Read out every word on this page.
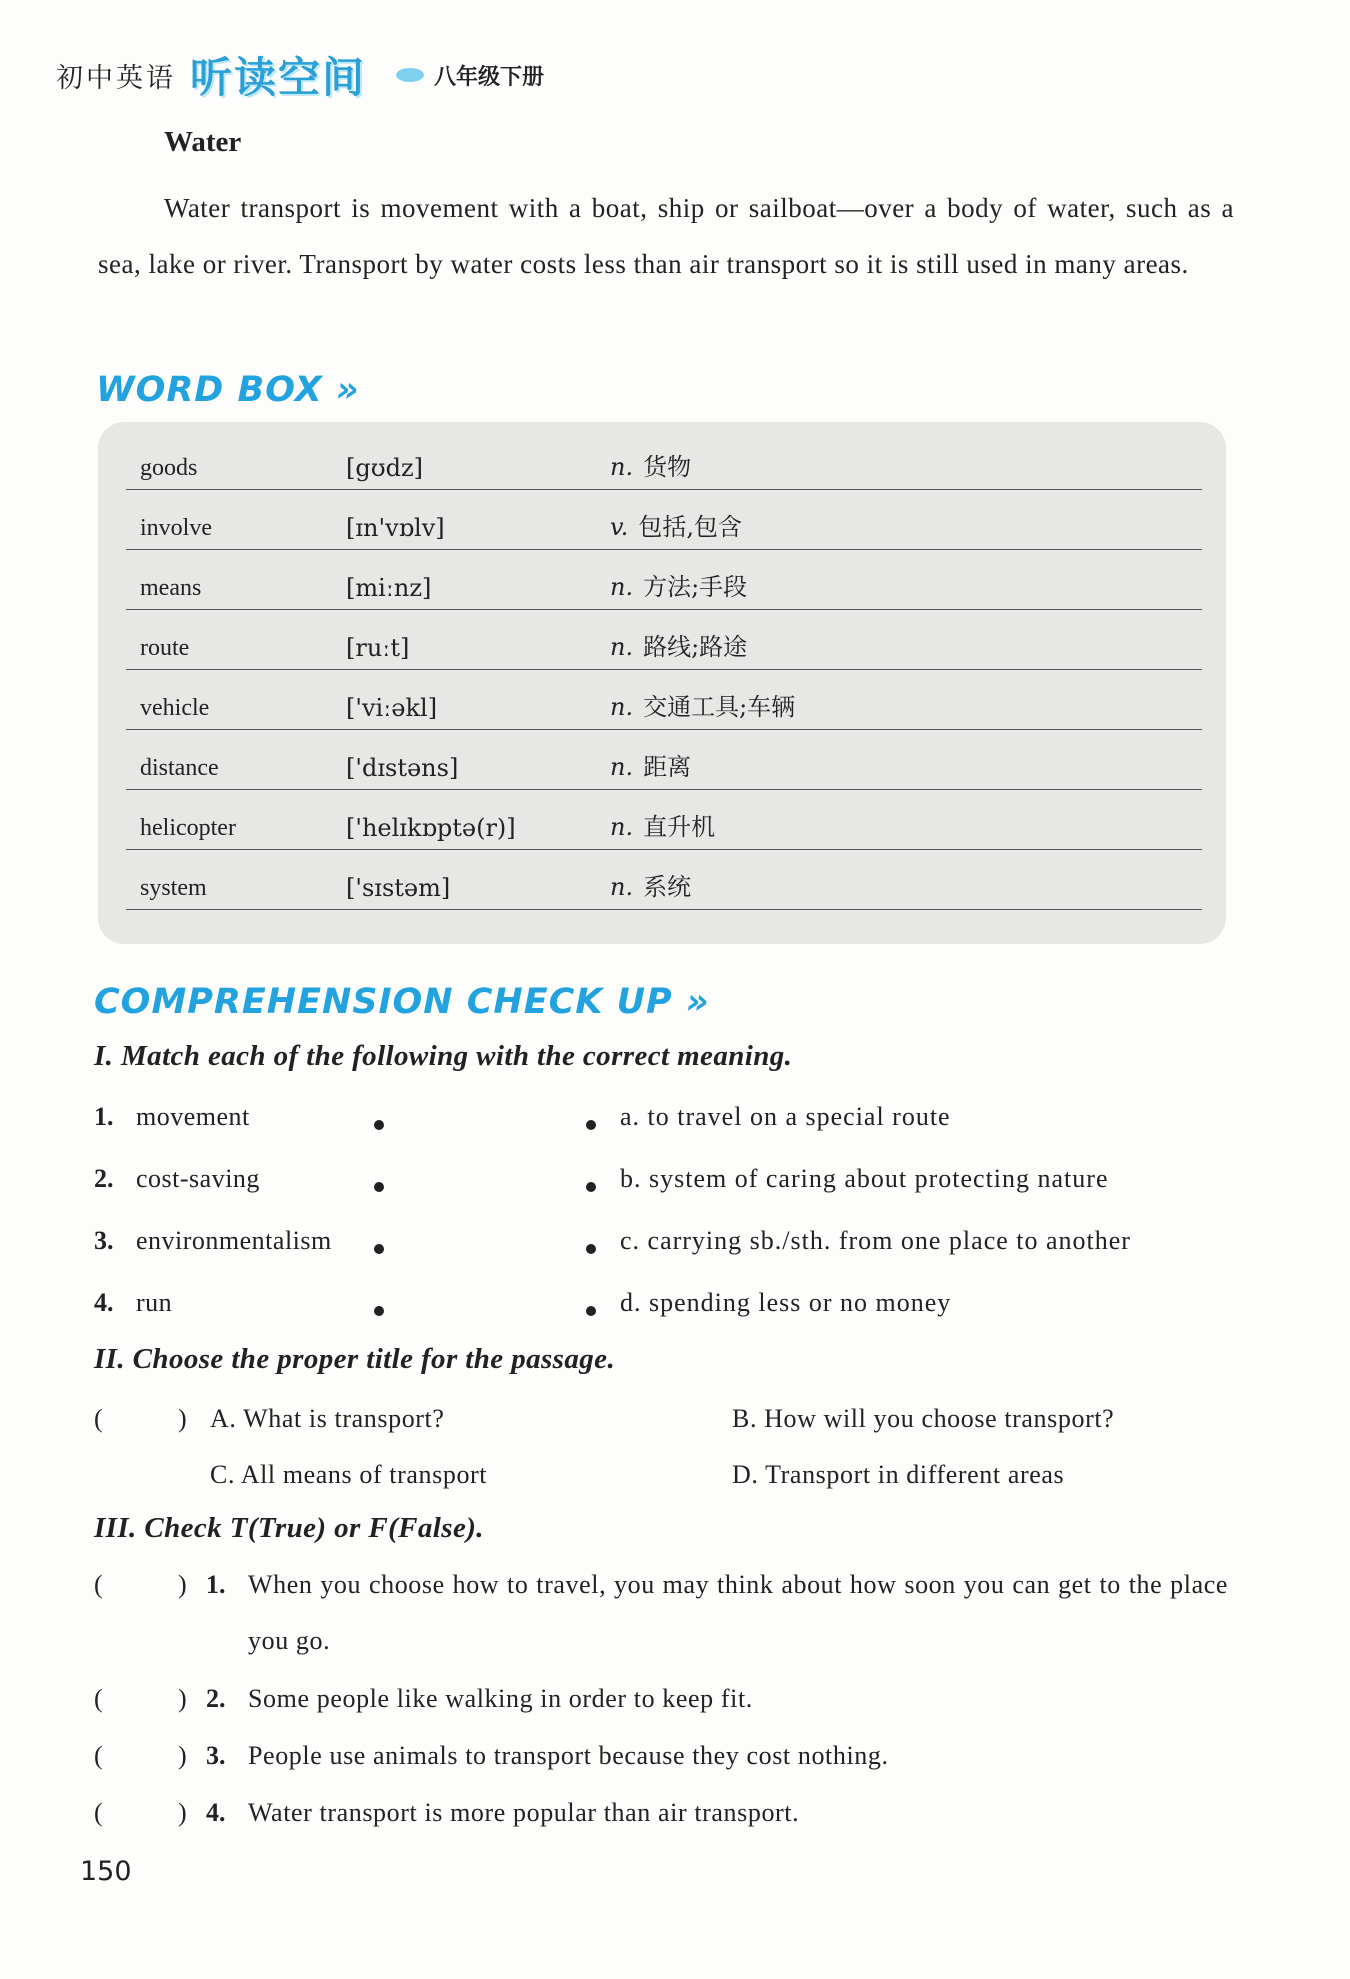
初中英语 听读空间	八年级下册
Water
Water transport is movement with a boat, ship or sailboat—over a body of water, such as a sea, lake or river. Transport by water costs less than air transport so it is still used in many areas.
WORD BOX »
goods	[gʊdz]	n. 货物
involve	[ɪn'vɒlv]	v. 包括,包含
means	[miːnz]	n. 方法;手段
route	[ruːt]	n. 路线;路途
vehicle	['viːəkl]	n. 交通工具;车辆
distance	['dɪstəns]	n. 距离
helicopter	['helɪkɒptə(r)]	n. 直升机
system	['sɪstəm]	n. 系统
COMPREHENSION CHECK UP »
I. Match each of the following with the correct meaning.
1. movement	a. to travel on a special route
2. cost-saving	b. system of caring about protecting nature
3. environmentalism	c. carrying sb./sth. from one place to another
4. run	d. spending less or no money
II. Choose the proper title for the passage.
(	) A. What is transport?	B. How will you choose transport?
C. All means of transport	D. Transport in different areas
III. Check T(True) or F(False).
(	) 1. When you choose how to travel, you may think about how soon you can get to the place you go.
(	) 2. Some people like walking in order to keep fit.
(	) 3. People use animals to transport because they cost nothing.
(	) 4. Water transport is more popular than air transport.
150
